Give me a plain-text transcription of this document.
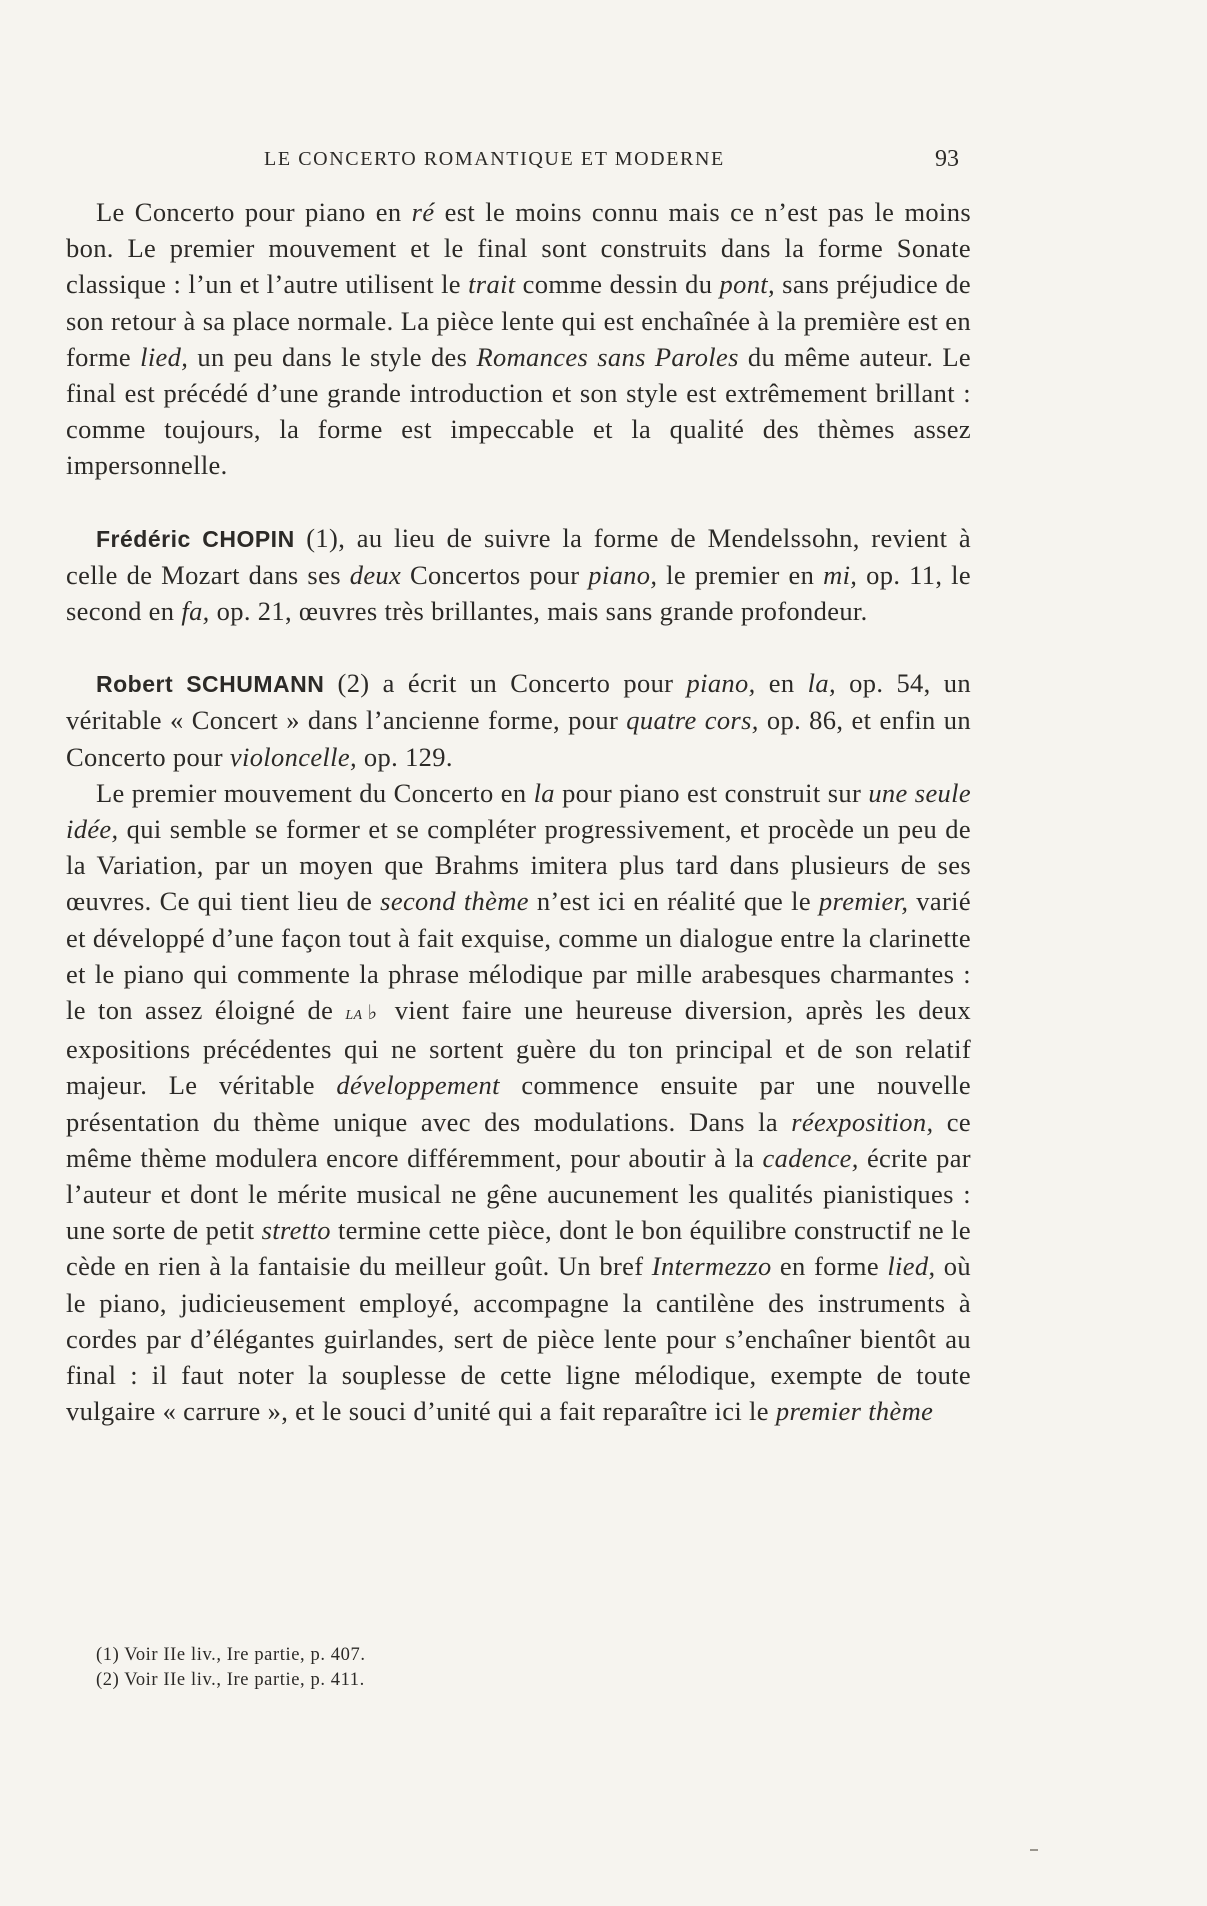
LE CONCERTO ROMANTIQUE ET MODERNE	93

Le Concerto pour piano en ré est le moins connu mais ce n’est pas le moins bon. Le premier mouvement et le final sont construits dans la forme Sonate classique : l’un et l’autre utilisent le trait comme dessin du pont, sans préjudice de son retour à sa place normale. La pièce lente qui est enchaînée à la première est en forme lied, un peu dans le style des Romances sans Paroles du même auteur. Le final est précédé d’une grande introduction et son style est extrêmement brillant : comme toujours, la forme est impeccable et la qualité des thèmes assez impersonnelle.

Frédéric CHOPIN (1), au lieu de suivre la forme de Mendelssohn, revient à celle de Mozart dans ses deux Concertos pour piano, le premier en mi, op. 11, le second en fa, op. 21, œuvres très brillantes, mais sans grande profondeur.

Robert SCHUMANN (2) a écrit un Concerto pour piano, en la, op. 54, un véritable « Concert » dans l’ancienne forme, pour quatre cors, op. 86, et enfin un Concerto pour violoncelle, op. 129.

Le premier mouvement du Concerto en la pour piano est construit sur une seule idée, qui semble se former et se compléter progressivement, et procède un peu de la Variation, par un moyen que Brahms imitera plus tard dans plusieurs de ses œuvres. Ce qui tient lieu de second thème n’est ici en réalité que le premier, varié et développé d’une façon tout à fait exquise, comme un dialogue entre la clarinette et le piano qui commente la phrase mélodique par mille arabesques charmantes : le ton assez éloigné de la♭ vient faire une heureuse diversion, après les deux expositions précédentes qui ne sortent guère du ton principal et de son relatif majeur. Le véritable développement commence ensuite par une nouvelle présentation du thème unique avec des modulations. Dans la réexposition, ce même thème modulera encore différemment, pour aboutir à la cadence, écrite par l’auteur et dont le mérite musical ne gêne aucunement les qualités pianistiques : une sorte de petit stretto termine cette pièce, dont le bon équilibre constructif ne le cède en rien à la fantaisie du meilleur goût. Un bref Intermezzo en forme lied, où le piano, judicieusement employé, accompagne la cantilène des instruments à cordes par d’élégantes guirlandes, sert de pièce lente pour s’enchaîner bientôt au final : il faut noter la souplesse de cette ligne mélodique, exempte de toute vulgaire « carrure », et le souci d’unité qui a fait reparaître ici le premier thème

(1) Voir IIe liv., Ire partie, p. 407.

(2) Voir IIe liv., Ire partie, p. 411.
